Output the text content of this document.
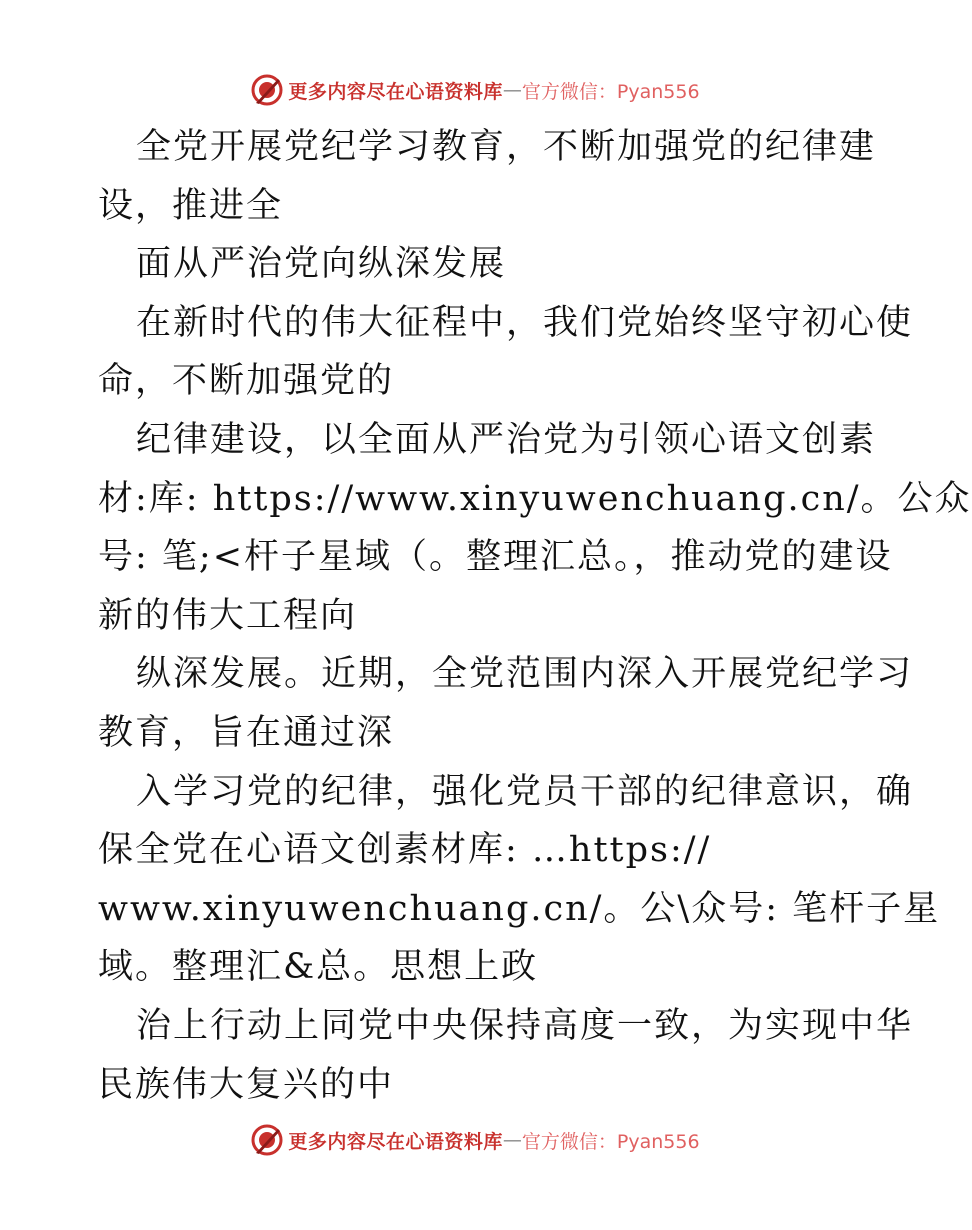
更多内容尽在心语资料库 — 官方微信：Pyan556
全党开展党纪学习教育，不断加强党的纪律建
设，推进全
面从严治党向纵深发展
在新时代的伟大征程中，我们党始终坚守初心使
命，不断加强党的
纪律建设，以全面从严治党为引领心语文创素
材:库: https://www.xinyuwenchuang.cn/。公众
号: 笔;<杆子星域（。整理汇总。，推动党的建设
新的伟大工程向
纵深发展。近期，全党范围内深入开展党纪学习
教育，旨在通过深
入学习党的纪律，强化党员干部的纪律意识，确
保全党在心语文创素材库: …https://
www.xinyuwenchuang.cn/。公\众号: 笔杆子星
域。整理汇&总。思想上政
治上行动上同党中央保持高度一致，为实现中华
民族伟大复兴的中
更多内容尽在心语资料库 — 官方微信：Pyan556
